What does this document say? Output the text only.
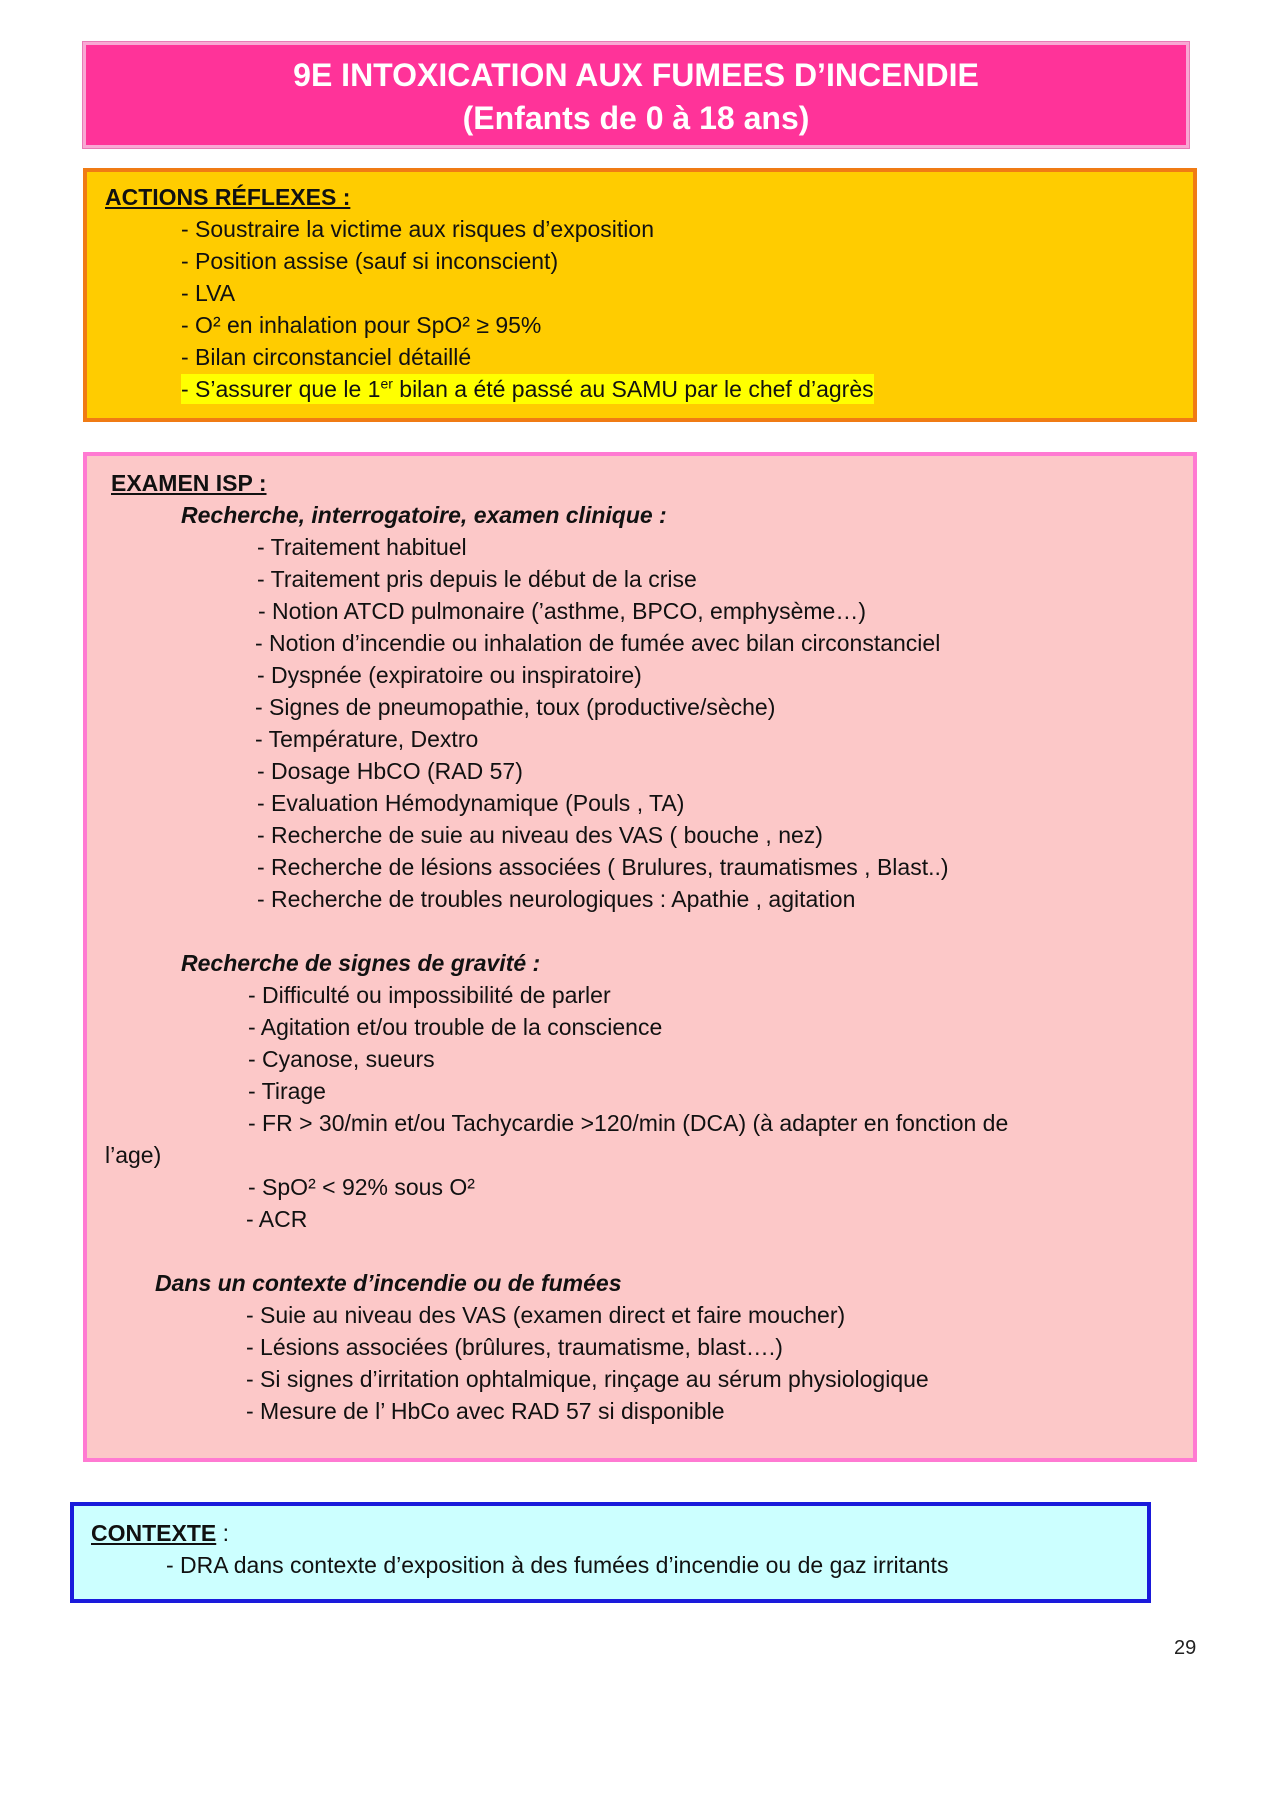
9E INTOXICATION AUX FUMEES D’INCENDIE
(Enfants de 0 à 18 ans)
ACTIONS RÉFLEXES :
- Soustraire la victime aux risques d’exposition
- Position assise (sauf si inconscient)
- LVA
- O² en inhalation pour SpO² ≥ 95%
- Bilan circonstanciel détaillé
- S’assurer que le 1er bilan a été passé au SAMU par le chef d’agrès
EXAMEN ISP :
Recherche, interrogatoire, examen clinique :
- Traitement habituel
- Traitement pris depuis le début de la crise
- Notion ATCD pulmonaire (’asthme, BPCO, emphysème…)
- Notion d’incendie ou inhalation de fumée avec bilan circonstanciel
- Dyspnée (expiratoire ou inspiratoire)
- Signes de pneumopathie, toux (productive/sèche)
- Température, Dextro
- Dosage HbCO (RAD 57)
- Evaluation Hémodynamique (Pouls , TA)
- Recherche de suie au niveau des VAS ( bouche , nez)
- Recherche de lésions associées ( Brulures, traumatismes , Blast..)
- Recherche de troubles neurologiques : Apathie , agitation
Recherche de signes de gravité :
- Difficulté ou impossibilité de parler
- Agitation et/ou trouble de la conscience
- Cyanose, sueurs
- Tirage
- FR > 30/min et/ou Tachycardie >120/min (DCA) (à adapter en fonction de
l’age)
- SpO² < 92% sous O²
- ACR
Dans un contexte d’incendie ou de fumées
- Suie au niveau des VAS (examen direct et faire moucher)
- Lésions associées (brûlures, traumatisme, blast….)
- Si signes d’irritation ophtalmique, rinçage au sérum physiologique
- Mesure de l’ HbCo avec RAD 57 si disponible
CONTEXTE :
- DRA dans contexte d’exposition à des fumées d’incendie ou de gaz irritants
29
